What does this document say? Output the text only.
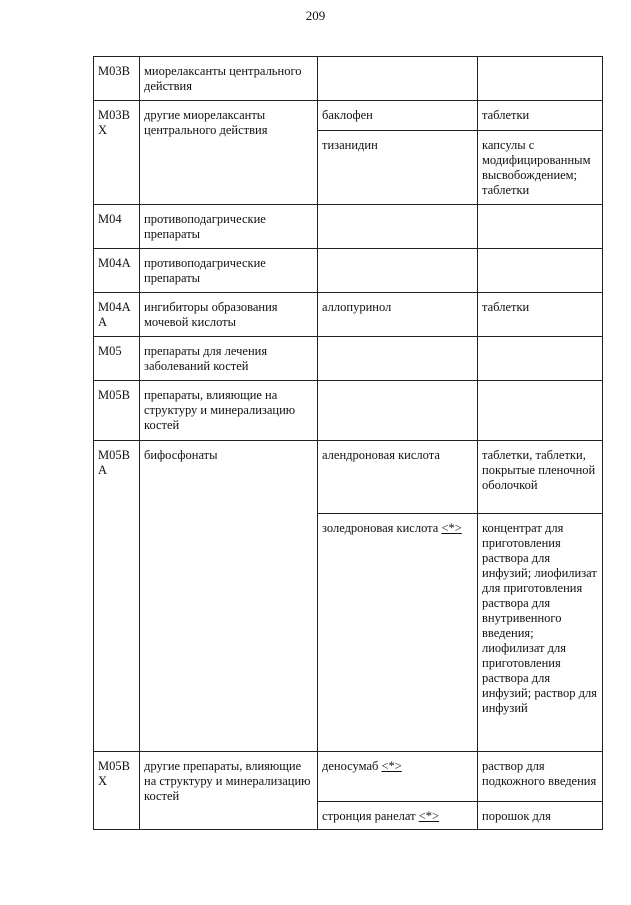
209
M03B	миорелаксанты центрального действия		
M03B X	другие миорелаксанты центрального действия	баклофен	таблетки
		тизанидин	капсулы с модифицированным высвобождением; таблетки
M04	противоподагрические препараты		
M04A	противоподагрические препараты		
M04A A	ингибиторы образования мочевой кислоты	аллопуринол	таблетки
M05	препараты для лечения заболеваний костей		
M05B	препараты, влияющие на структуру и минерализацию костей		
M05B A	бифосфонаты	алендроновая кислота	таблетки, таблетки, покрытые пленочной оболочкой
		золедроновая кислота <*>	концентрат для приготовления раствора для инфузий; лиофилизат для приготовления раствора для внутривенного введения; лиофилизат для приготовления раствора для инфузий; раствор для инфузий
M05B X	другие препараты, влияющие на структуру и минерализацию костей	деносумаб <*>	раствор для подкожного введения
		стронция ранелат <*>	порошок для
